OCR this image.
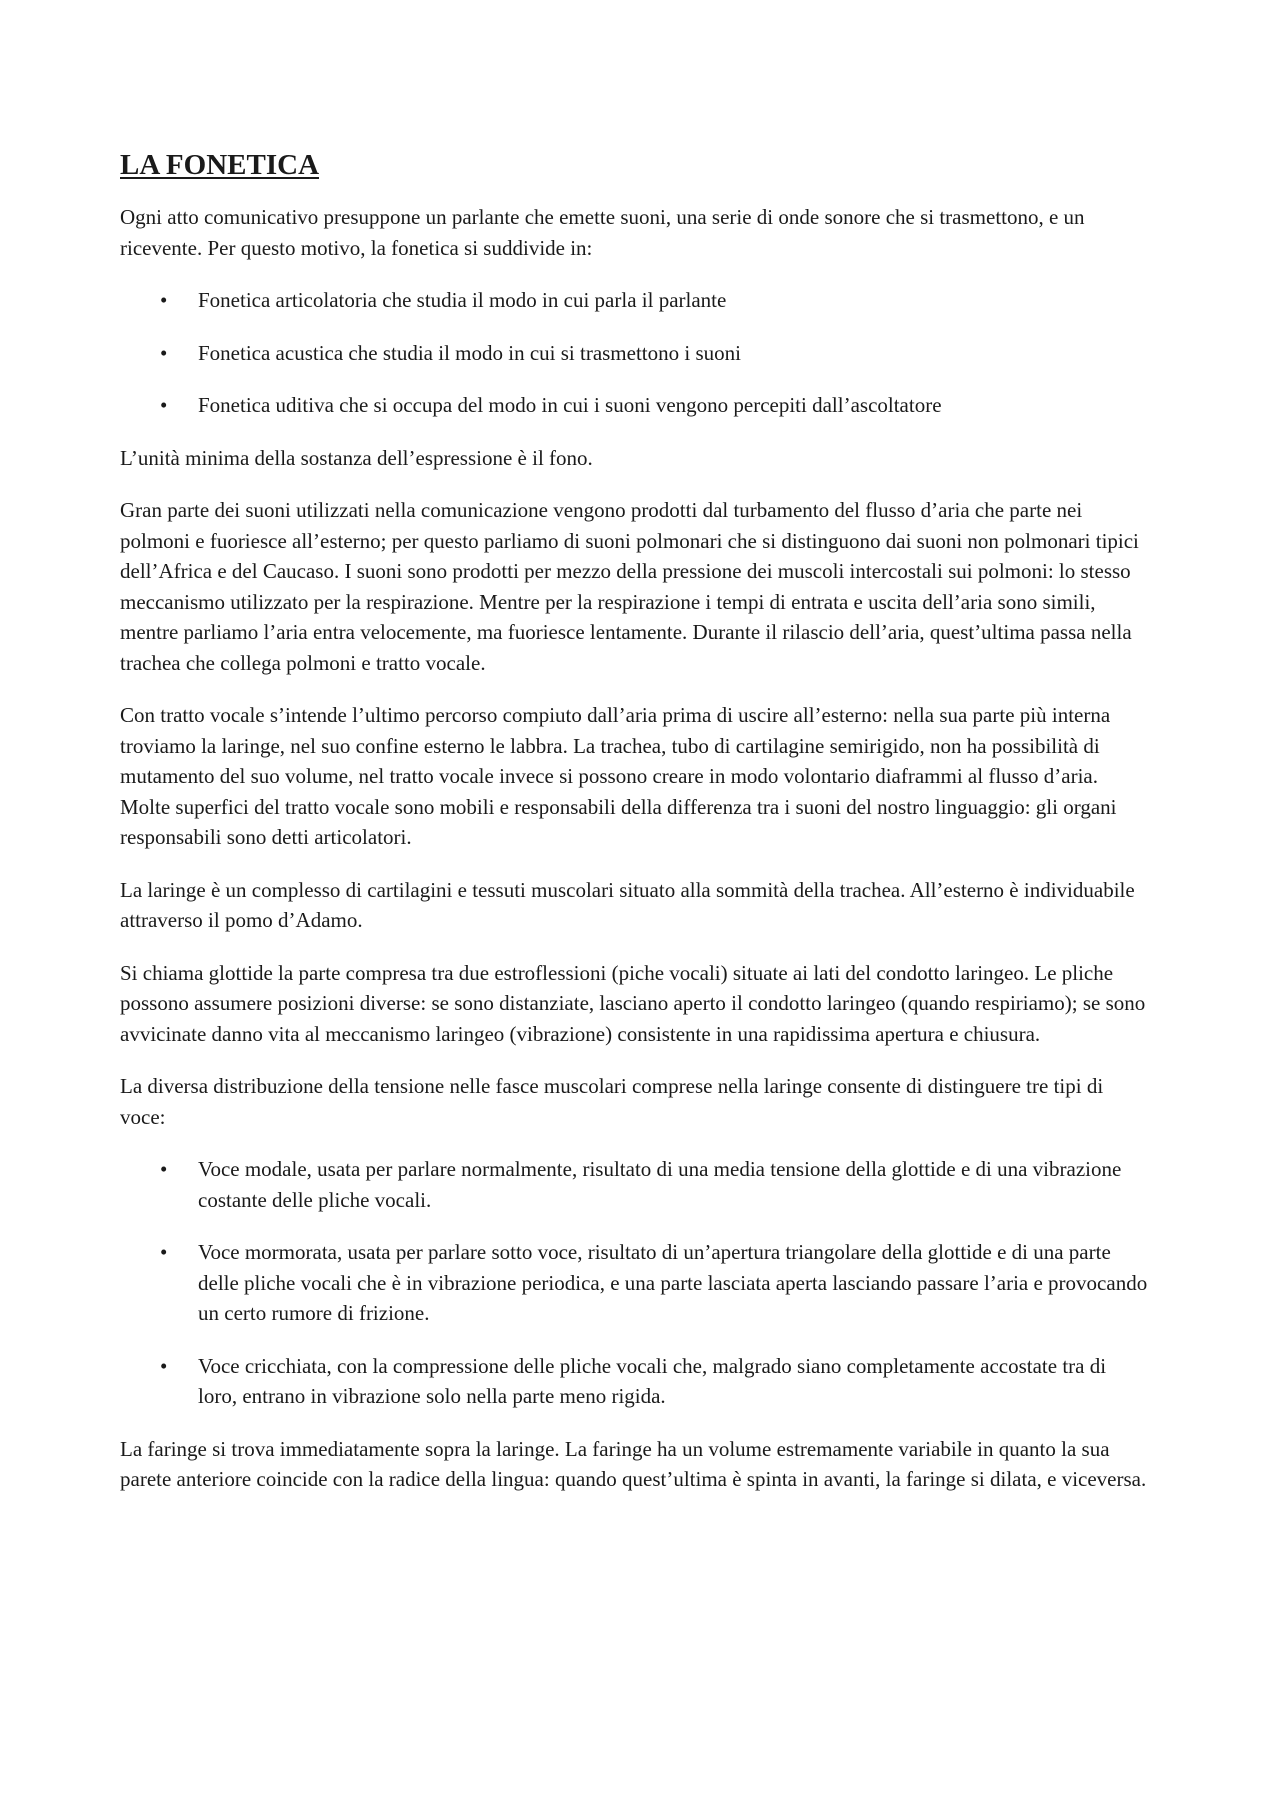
LA FONETICA

Ogni atto comunicativo presuppone un parlante che emette suoni, una serie di onde sonore che si trasmettono, e un ricevente. Per questo motivo, la fonetica si suddivide in:

• Fonetica articolatoria che studia il modo in cui parla il parlante
• Fonetica acustica che studia il modo in cui si trasmettono i suoni
• Fonetica uditiva che si occupa del modo in cui i suoni vengono percepiti dall’ascoltatore

L’unità minima della sostanza dell’espressione è il fono.

Gran parte dei suoni utilizzati nella comunicazione vengono prodotti dal turbamento del flusso d’aria che parte nei polmoni e fuoriesce all’esterno; per questo parliamo di suoni polmonari che si distinguono dai suoni non polmonari tipici dell’Africa e del Caucaso. I suoni sono prodotti per mezzo della pressione dei muscoli intercostali sui polmoni: lo stesso meccanismo utilizzato per la respirazione. Mentre per la respirazione i tempi di entrata e uscita dell’aria sono simili, mentre parliamo l’aria entra velocemente, ma fuoriesce lentamente. Durante il rilascio dell’aria, quest’ultima passa nella trachea che collega polmoni e tratto vocale.

Con tratto vocale s’intende l’ultimo percorso compiuto dall’aria prima di uscire all’esterno: nella sua parte più interna troviamo la laringe, nel suo confine esterno le labbra. La trachea, tubo di cartilagine semirigido, non ha possibilità di mutamento del suo volume, nel tratto vocale invece si possono creare in modo volontario diaframmi al flusso d’aria. Molte superfici del tratto vocale sono mobili e responsabili della differenza tra i suoni del nostro linguaggio: gli organi responsabili sono detti articolatori.

La laringe è un complesso di cartilagini e tessuti muscolari situato alla sommità della trachea. All’esterno è individuabile attraverso il pomo d’Adamo.

Si chiama glottide la parte compresa tra due estroflessioni (piche vocali) situate ai lati del condotto laringeo. Le pliche possono assumere posizioni diverse: se sono distanziate, lasciano aperto il condotto laringeo (quando respiriamo); se sono avvicinate danno vita al meccanismo laringeo (vibrazione) consistente in una rapidissima apertura e chiusura.

La diversa distribuzione della tensione nelle fasce muscolari comprese nella laringe consente di distinguere tre tipi di voce:

• Voce modale, usata per parlare normalmente, risultato di una media tensione della glottide e di una vibrazione costante delle pliche vocali.
• Voce mormorata, usata per parlare sotto voce, risultato di un’apertura triangolare della glottide e di una parte delle pliche vocali che è in vibrazione periodica, e una parte lasciata aperta lasciando passare l’aria e provocando un certo rumore di frizione.
• Voce cricchiata, con la compressione delle pliche vocali che, malgrado siano completamente accostate tra di loro, entrano in vibrazione solo nella parte meno rigida.

La faringe si trova immediatamente sopra la laringe. La faringe ha un volume estremamente variabile in quanto la sua parete anteriore coincide con la radice della lingua: quando quest’ultima è spinta in avanti, la faringe si dilata, e viceversa.
